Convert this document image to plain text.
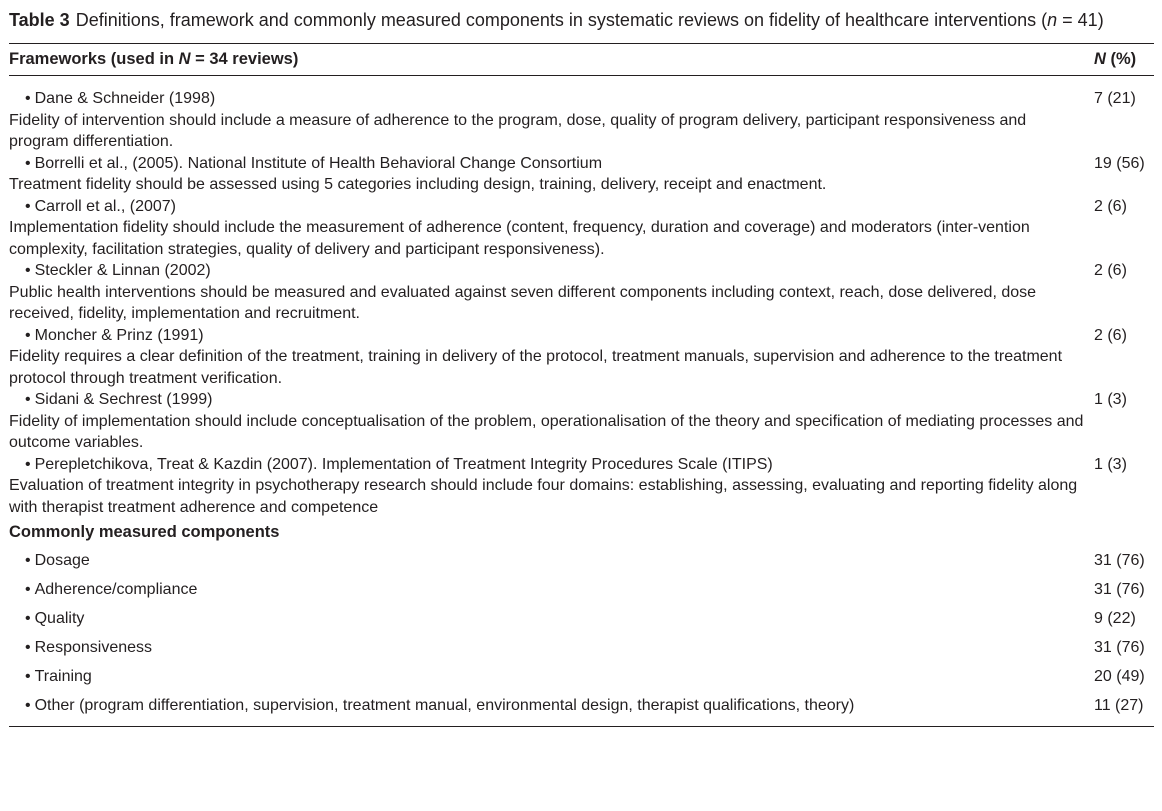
Table 3 Definitions, framework and commonly measured components in systematic reviews on fidelity of healthcare interventions (n = 41)

Frameworks (used in N = 34 reviews)	N (%)
• Dane & Schneider (1998)
Fidelity of intervention should include a measure of adherence to the program, dose, quality of program delivery, participant responsiveness and program differentiation.
7 (21)
• Borrelli et al., (2005). National Institute of Health Behavioral Change Consortium
Treatment fidelity should be assessed using 5 categories including design, training, delivery, receipt and enactment.
19 (56)
• Carroll et al., (2007)
Implementation fidelity should include the measurement of adherence (content, frequency, duration and coverage) and moderators (inter-vention complexity, facilitation strategies, quality of delivery and participant responsiveness).
2 (6)
• Steckler & Linnan (2002)
Public health interventions should be measured and evaluated against seven different components including context, reach, dose delivered, dose received, fidelity, implementation and recruitment.
2 (6)
• Moncher & Prinz (1991)
Fidelity requires a clear definition of the treatment, training in delivery of the protocol, treatment manuals, supervision and adherence to the treatment protocol through treatment verification.
2 (6)
• Sidani & Sechrest (1999)
Fidelity of implementation should include conceptualisation of the problem, operationalisation of the theory and specification of mediating processes and outcome variables.
1 (3)
• Perepletchikova, Treat & Kazdin (2007). Implementation of Treatment Integrity Procedures Scale (ITIPS)
Evaluation of treatment integrity in psychotherapy research should include four domains: establishing, assessing, evaluating and reporting fidelity along with therapist treatment adherence and competence
1 (3)
Commonly measured components
• Dosage	31 (76)
• Adherence/compliance	31 (76)
• Quality	9 (22)
• Responsiveness	31 (76)
• Training	20 (49)
• Other (program differentiation, supervision, treatment manual, environmental design, therapist qualifications, theory)	11 (27)
